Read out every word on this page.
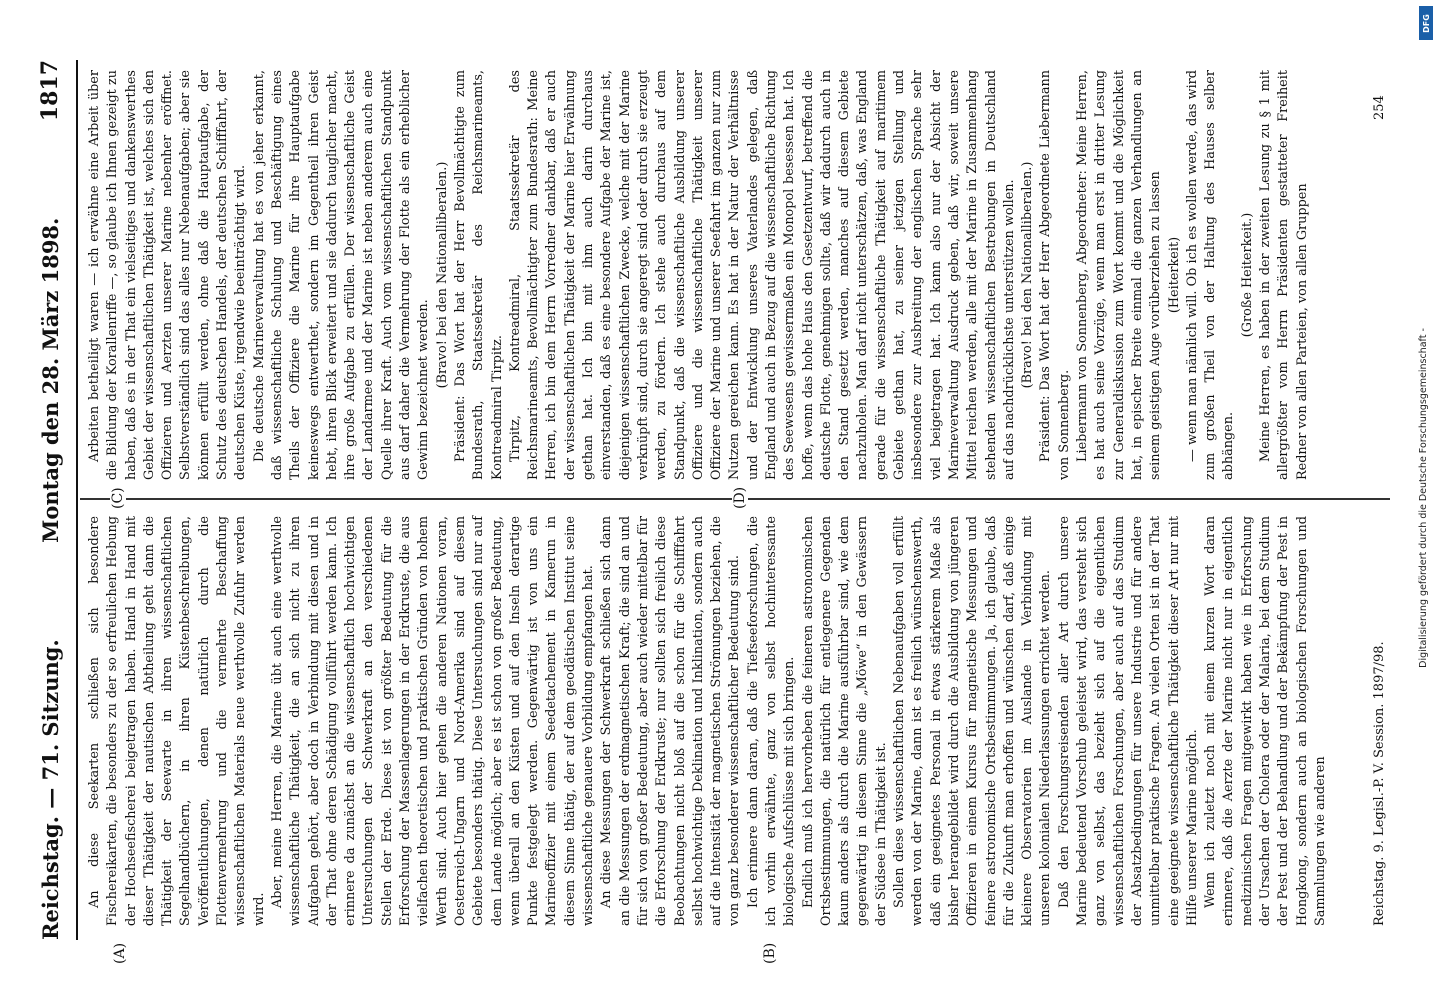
Reichstag. — 71. Sitzung.
Montag den 28. März 1898.
1817
(A)	(B)
(C)	(D)

An diese Seekarten schließen sich besondere Fischereikarten, die besonders zu der so erfreulichen Hebung der Hochseefischerei beigetragen haben. Hand in Hand mit dieser Thätigkeit der nautischen Abtheilung geht dann die Thätigkeit der Seewarte in ihren wissenschaftlichen Segelhandbüchern, in ihren Küstenbeschreibungen, Veröffentlichungen, denen natürlich durch die Flottenvermehrung und die vermehrte Beschaffung wissenschaftlichen Materials neue werthvolle Zufuhr werden wird.

Aber, meine Herren, die Marine übt auch eine werthvolle wissenschaftliche Thätigkeit, die an sich nicht zu ihren Aufgaben gehört, aber doch in Verbindung mit diesen und in der That ohne deren Schädigung vollführt werden kann. Ich erinnere da zunächst an die wissenschaftlich hochwichtigen Untersuchungen der Schwerkraft an den verschiedenen Stellen der Erde. Diese ist von größter Bedeutung für die Erforschung der Massenlagerungen in der Erdkruste, die aus vielfachen theoretischen und praktischen Gründen von hohem Werth sind. Auch hier gehen die anderen Nationen voran, Oesterreich-Ungarn und Nord-Amerika sind auf diesem Gebiete besonders thätig. Diese Untersuchungen sind nur auf dem Lande möglich; aber es ist schon von großer Bedeutung, wenn überall an den Küsten und auf den Inseln derartige Punkte festgelegt werden. Gegenwärtig ist von uns ein Marineoffizier mit einem Seedetachement in Kamerun in diesem Sinne thätig, der auf dem geodätischen Institut seine wissenschaftliche genauere Vorbildung empfangen hat. An diese Messungen der Schwerkraft schließen sich dann an die Messungen der erdmagnetischen Kraft; die sind an und für sich von großer Bedeutung, aber auch wieder mittelbar für die Erforschung der Erdkruste; nur sollten sich freilich diese Beobachtungen nicht bloß auf die schon für die Schifffahrt selbst hochwichtige Deklination und Inklination, sondern auch auf die Intensität der magnetischen Strömungen beziehen, die von ganz besonderer wissenschaftlicher Bedeutung sind. Ich erinnere dann daran, daß die Tiefseeforschungen, die ich vorhin erwähnte, ganz von selbst hochinteressante biologische Aufschlüsse mit sich bringen. Endlich muß ich hervorheben die feineren astronomischen Ortsbestimmungen, die natürlich für entlegenere Gegenden kaum anders als durch die Marine ausführbar sind, wie dem gegenwärtig in diesem Sinne die „Möwe“ in den Gewässern der Südsee in Thätigkeit ist. Sollen diese wissenschaftlichen Nebenaufgaben voll erfüllt werden von der Marine, dann ist es freilich wünschenswerth, daß ein geeignetes Personal in etwas stärkerem Maße als bisher herangebildet wird durch die Ausbildung von jüngeren Offizieren in einem Kursus für magnetische Messungen und feinere astronomische Ortsbestimmungen. Ja, ich glaube, daß für die Zukunft man erhoffen und wünschen darf, daß einige kleinere Observatorien im Auslande in Verbindung mit unseren kolonialen Niederlassungen errichtet werden. Daß den Forschungsreisenden aller Art durch unsere Marine bedeutend Vorschub geleistet wird, das versteht sich ganz von selbst, das bezieht sich auf die eigentlichen wissenschaftlichen Forschungen, aber auch auf das Studium der Absatzbedingungen für unsere Industrie und für andere unmittelbar praktische Fragen. An vielen Orten ist in der That eine geeignete wissenschaftliche Thätigkeit dieser Art nur mit Hilfe unserer Marine möglich. Wenn ich zuletzt noch mit einem kurzen Wort daran erinnere, daß die Aerzte der Marine nicht nur in eigentlich medizinischen Fragen mitgewirkt haben wie in Erforschung der Ursachen der Cholera oder der Malaria, bei dem Studium der Pest und der Behandlung und der Bekämpfung der Pest in Hongkong, sondern auch an biologischen Forschungen und Sammlungen wie anderen

Arbeiten betheiligt waren — ich erwähne eine Arbeit über die Bildung der Korallenriffe —, so glaube ich Ihnen gezeigt zu haben, daß es in der That ein vielseitiges und dankenswerthes Gebiet der wissenschaftlichen Thätigkeit ist, welches sich den Offizieren und Aerzten unserer Marine nebenher eröffnet. Selbstverständlich sind das alles nur Nebenaufgaben; aber sie können erfüllt werden, ohne daß die Hauptaufgabe, der Schutz des deutschen Handels, der deutschen Schifffahrt, der deutschen Küste, irgendwie beeinträchtigt wird. Die deutsche Marineverwaltung hat es von jeher erkannt, daß wissenschaftliche Schulung und Beschäftigung eines Theils der Offiziere die Marine für ihre Hauptaufgabe keineswegs entwerthet, sondern im Gegentheil ihren Geist hebt, ihren Blick erweitert und sie dadurch tauglicher macht, ihre große Aufgabe zu erfüllen. Der wissenschaftliche Geist der Landarmee und der Marine ist neben anderem auch eine Quelle ihrer Kraft. Auch vom wissenschaftlichen Standpunkt aus darf daher die Vermehrung der Flotte als ein erheblicher Gewinn bezeichnet werden.

(Bravo! bei den Nationalliberalen.) Präsident: Das Wort hat der Herr Bevollmächtigte zum Bundesrath, Staatssekretär des Reichsmarineamts, Kontreadmiral Tirpitz. Tirpitz, Kontreadmiral, Staatssekretär des Reichsmarineamts, Bevollmächtigter zum Bundesrath: Meine Herren, ich bin dem Herrn Vorredner dankbar, daß er auch der wissenschaftlichen Thätigkeit der Marine hier Erwähnung gethan hat. Ich bin mit ihm auch darin durchaus einverstanden, daß es eine besondere Aufgabe der Marine ist, diejenigen wissenschaftlichen Zwecke, welche mit der Marine verknüpft sind, durch sie angeregt sind oder durch sie erzeugt werden, zu fördern. Ich stehe auch durchaus auf dem Standpunkt, daß die wissenschaftliche Ausbildung unserer Offiziere und die wissenschaftliche Thätigkeit unserer Offiziere der Marine und unserer Seefahrt im ganzen nur zum Nutzen gereichen kann. Es hat in der Natur der Verhältnisse und der Entwicklung unseres Vaterlandes gelegen, daß England und auch in Bezug auf die wissenschaftliche Richtung des Seewesens gewissermaßen ein Monopol besessen hat. Ich hoffe, wenn das hohe Haus den Gesetzentwurf, betreffend die deutsche Flotte, genehmigen sollte, daß wir dadurch auch in den Stand gesetzt werden, manches auf diesem Gebiete nachzuholen. Man darf nicht unterschätzen, daß, was England gerade für die wissenschaftliche Thätigkeit auf maritimem Gebiete gethan hat, zu seiner jetzigen Stellung und insbesondere zur Ausbreitung der englischen Sprache sehr viel beigetragen hat. Ich kann also nur der Absicht der Marineverwaltung Ausdruck geben, daß wir, soweit unsere Mittel reichen werden, alle mit der Marine in Zusammenhang stehenden wissenschaftlichen Bestrebungen in Deutschland auf das nachdrücklichste unterstützen wollen. (Bravo! bei den Nationalliberalen.) Präsident: Das Wort hat der Herr Abgeordnete Liebermann von Sonnenberg. Liebermann von Sonnenberg, Abgeordneter: Meine Herren, es hat auch seine Vorzüge, wenn man erst in dritter Lesung zur Generaldiskussion zum Wort kommt und die Möglichkeit hat, in epischer Breite einmal die ganzen Verhandlungen an seinem geistigen Auge vorüberziehen zu lassen (Heiterkeit) — wenn man nämlich will. Ob ich es wollen werde, das wird zum großen Theil von der Haltung des Hauses selber abhängen.

(Große Heiterkeit.) Meine Herren, es haben in der zweiten Lesung zu § 1 mit allergrößter vom Herrn Präsidenten gestatteter Freiheit Redner von allen Parteien, von allen Gruppen

Reichstag. 9. Legisl.-P. V. Session. 1897/98.
254
DFG
Digitalisierung gefördert durch die Deutsche Forschungsgemeinschaft -
